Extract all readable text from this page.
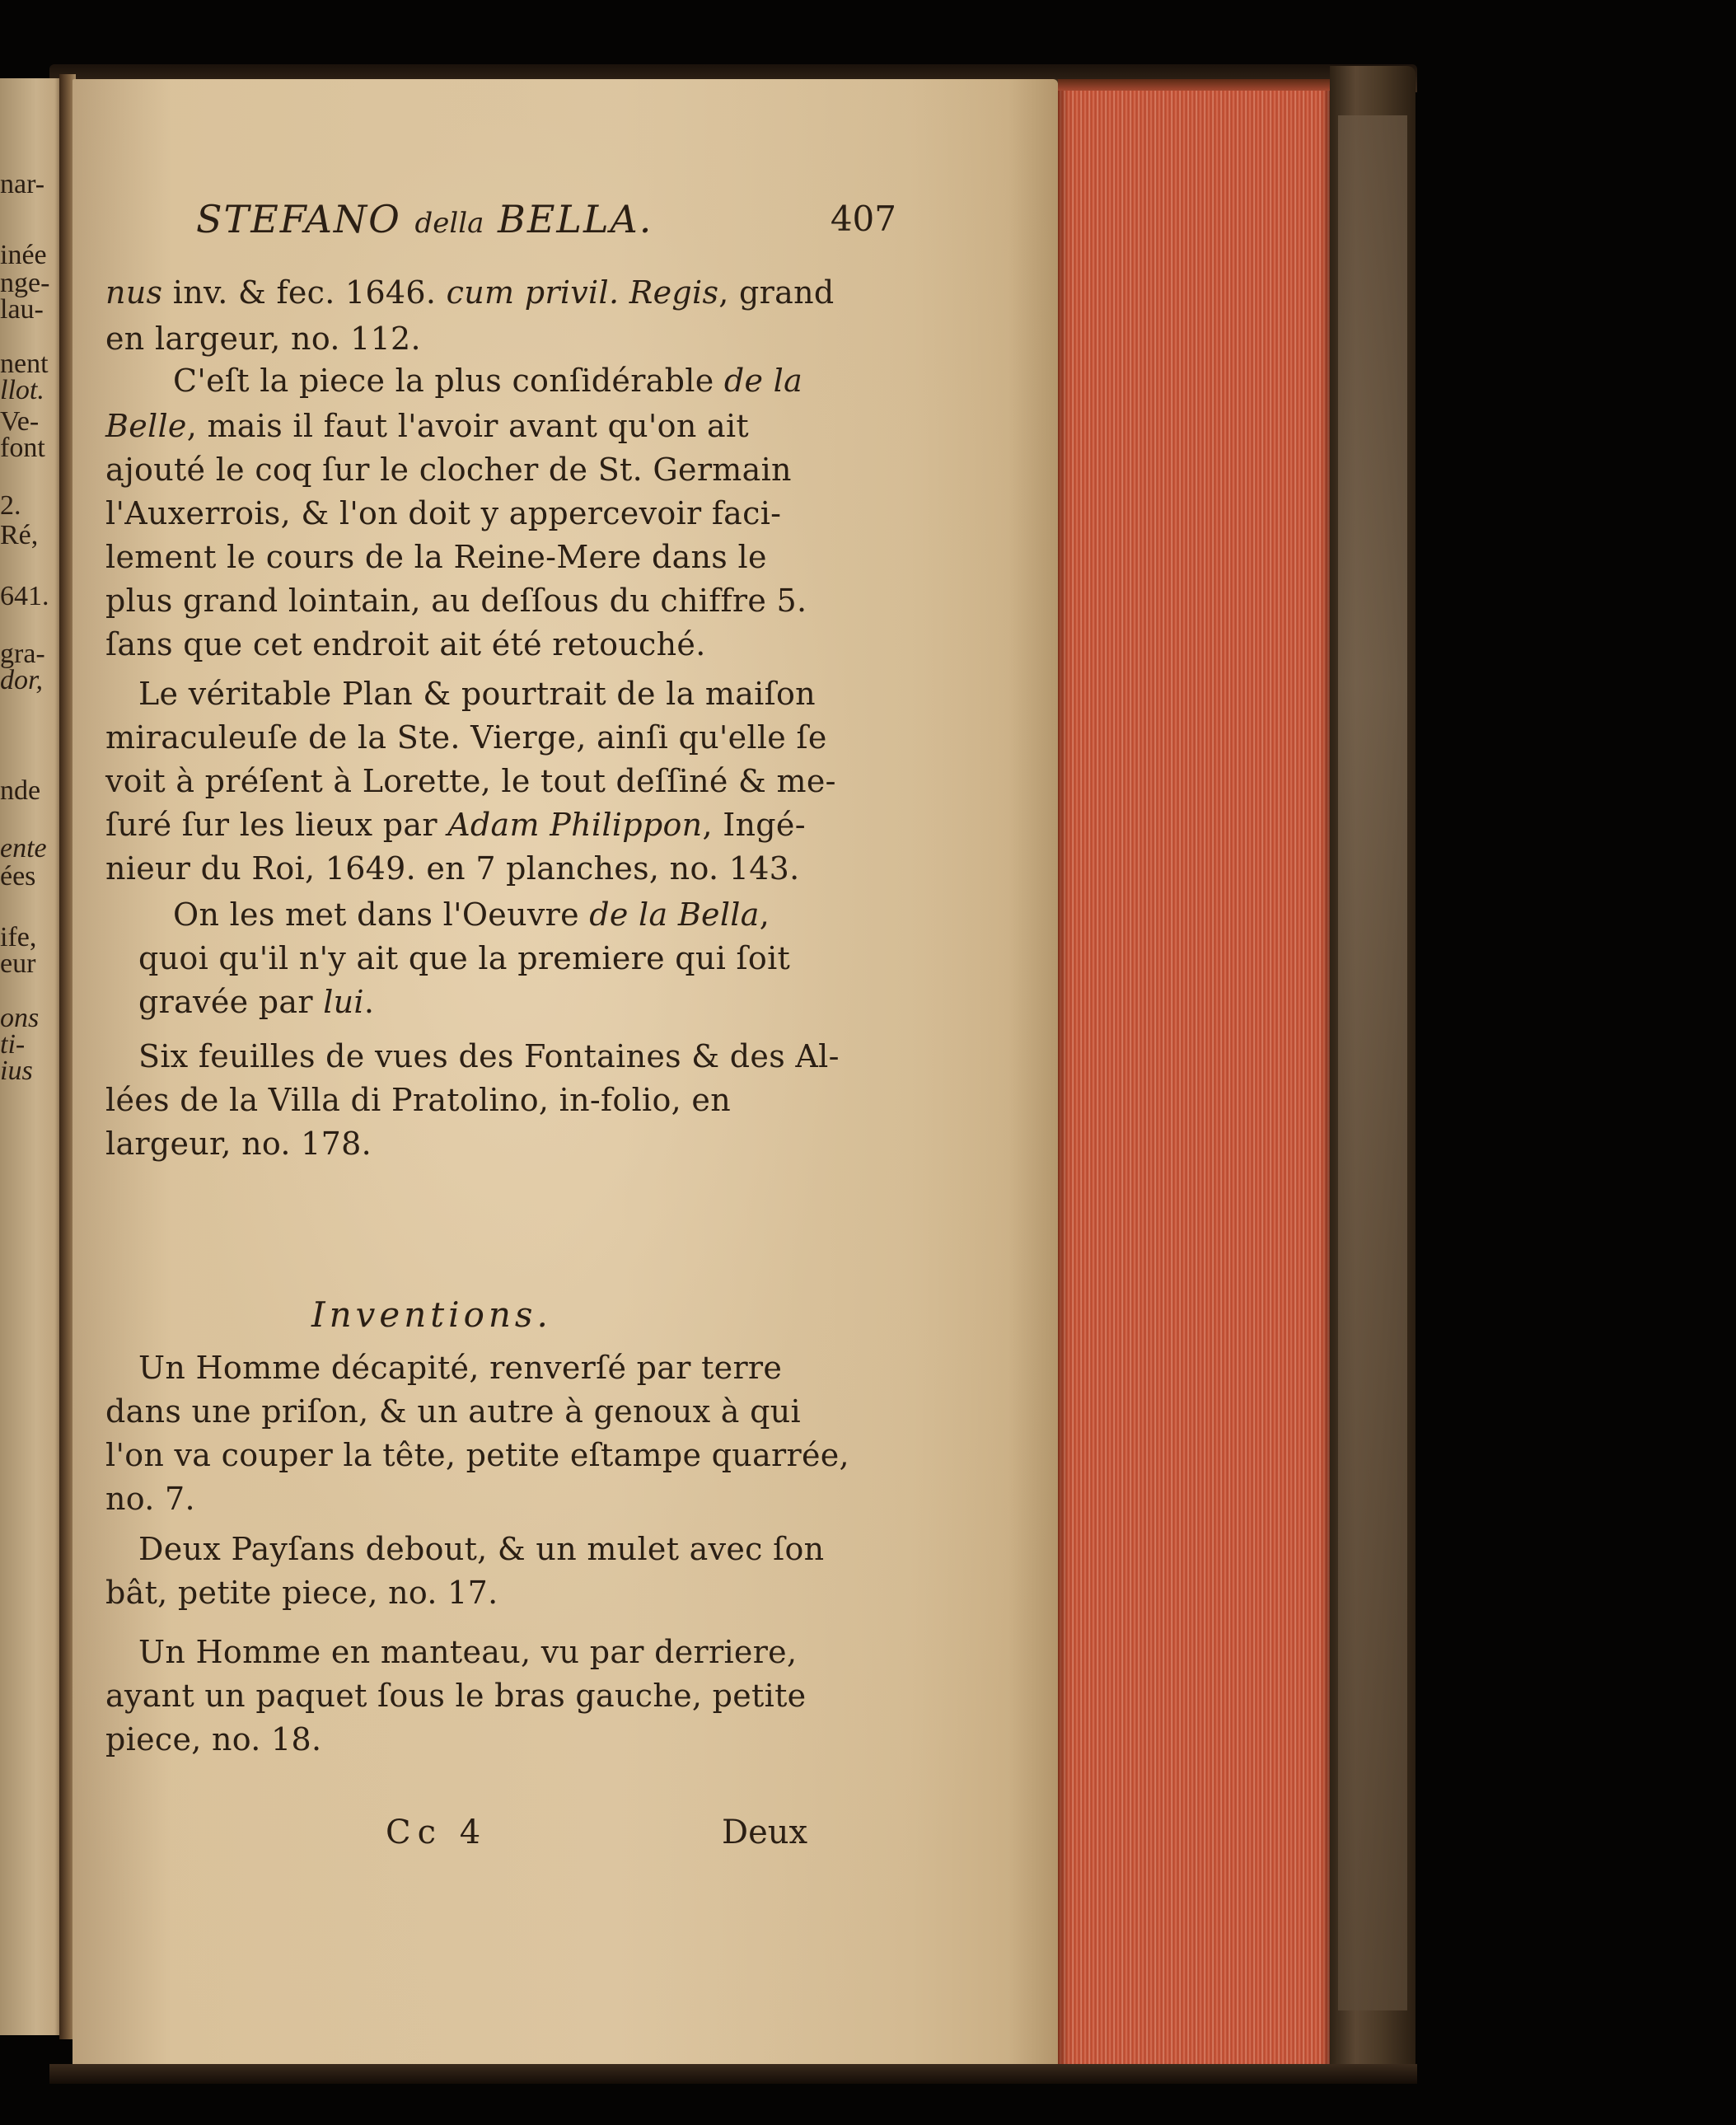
nar-
inée
nge-
lau-
nent
llot.
Ve-
font
2.
Ré,
641.
gra-
dor,
nde
ente
ées
ife,
eur
ons
ti-
ius
STEFANO della BELLA.	407
nus inv. & fec. 1646. cum privil. Regis, grand
en largeur, no. 112.
C'eſt la piece la plus conſidérable de la
Belle, mais il faut l'avoir avant qu'on ait
ajouté le coq ſur le clocher de St. Germain
l'Auxerrois, & l'on doit y appercevoir faci-
lement le cours de la Reine-Mere dans le
plus grand lointain, au deſſous du chiffre 5.
ſans que cet endroit ait été retouché.
Le véritable Plan & pourtrait de la maiſon
miraculeuſe de la Ste. Vierge, ainſi qu'elle ſe
voit à préſent à Lorette, le tout deſſiné & me-
ſuré ſur les lieux par Adam Philippon, Ingé-
nieur du Roi, 1649. en 7 planches, no. 143.
On les met dans l'Oeuvre de la Bella,
quoi qu'il n'y ait que la premiere qui ſoit
gravée par lui.
Six feuilles de vues des Fontaines & des Al-
lées de la Villa di Pratolino, in-folio, en
largeur, no. 178.
Inventions.
Un Homme décapité, renverſé par terre
dans une priſon, & un autre à genoux à qui
l'on va couper la tête, petite eſtampe quarrée,
no. 7.
Deux Payſans debout, & un mulet avec ſon
bât, petite piece, no. 17.
Un Homme en manteau, vu par derriere,
ayant un paquet ſous le bras gauche, petite
piece, no. 18.
Cc 4	Deux
